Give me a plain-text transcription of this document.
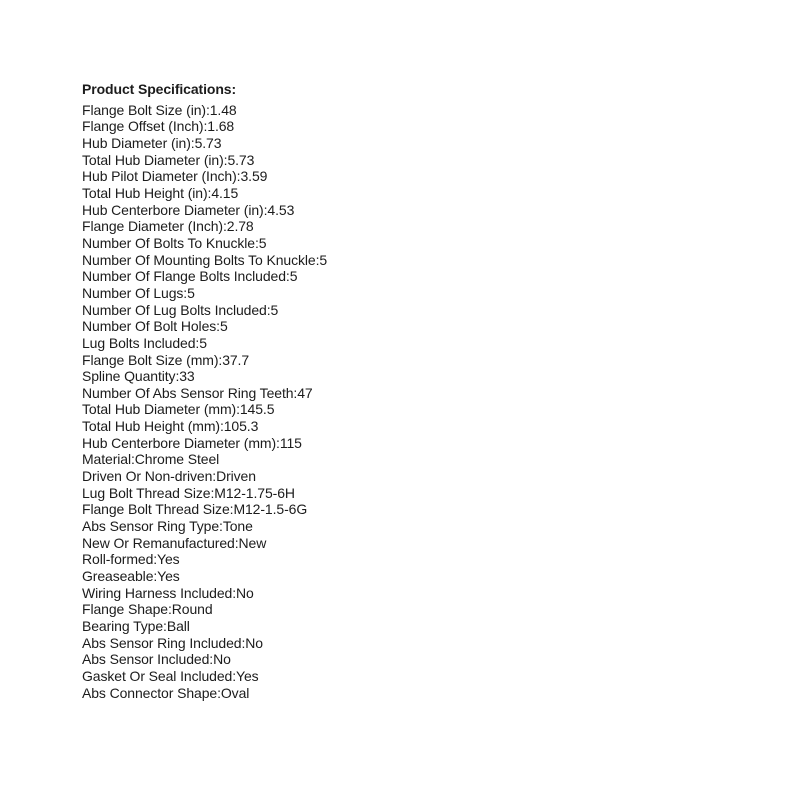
Product Specifications:

Flange Bolt Size (in):1.48
Flange Offset (Inch):1.68
Hub Diameter (in):5.73
Total Hub Diameter (in):5.73
Hub Pilot Diameter (Inch):3.59
Total Hub Height (in):4.15
Hub Centerbore Diameter (in):4.53
Flange Diameter (Inch):2.78
Number Of Bolts To Knuckle:5
Number Of Mounting Bolts To Knuckle:5
Number Of Flange Bolts Included:5
Number Of Lugs:5
Number Of Lug Bolts Included:5
Number Of Bolt Holes:5
Lug Bolts Included:5
Flange Bolt Size (mm):37.7
Spline Quantity:33
Number Of Abs Sensor Ring Teeth:47
Total Hub Diameter (mm):145.5
Total Hub Height (mm):105.3
Hub Centerbore Diameter (mm):115
Material:Chrome Steel
Driven Or Non-driven:Driven
Lug Bolt Thread Size:M12-1.75-6H
Flange Bolt Thread Size:M12-1.5-6G
Abs Sensor Ring Type:Tone
New Or Remanufactured:New
Roll-formed:Yes
Greaseable:Yes
Wiring Harness Included:No
Flange Shape:Round
Bearing Type:Ball
Abs Sensor Ring Included:No
Abs Sensor Included:No
Gasket Or Seal Included:Yes
Abs Connector Shape:Oval
